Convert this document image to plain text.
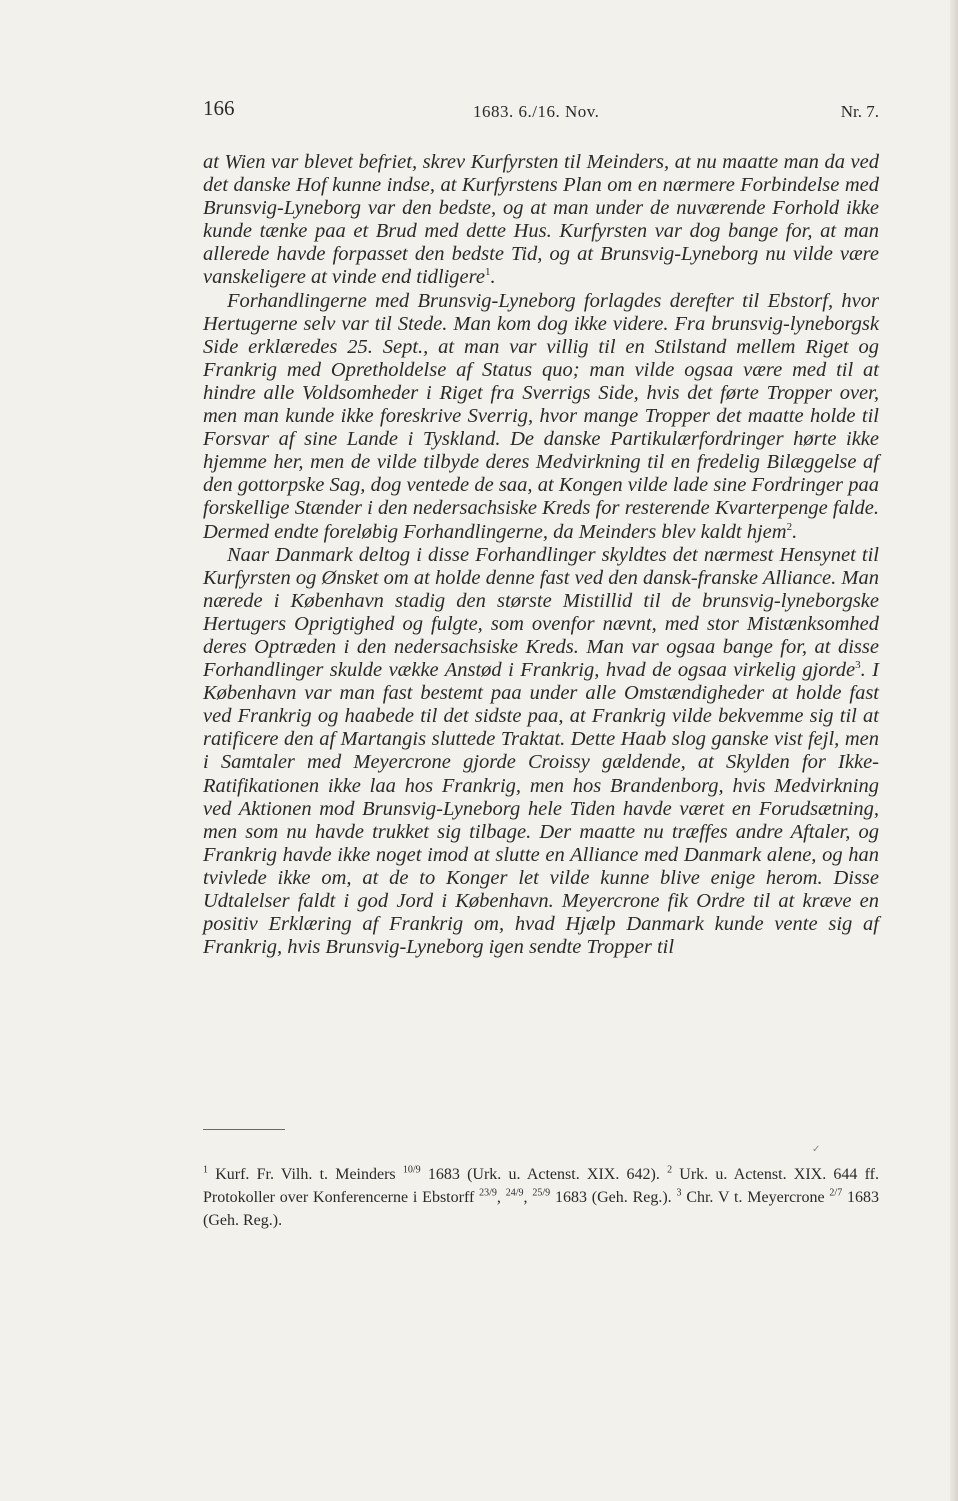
166	1683. 6./16. Nov.	Nr. 7.

at Wien var blevet befriet, skrev Kurfyrsten til Meinders, at nu maatte man da ved det danske Hof kunne indse, at Kurfyrstens Plan om en nærmere Forbindelse med Brunsvig-Lyneborg var den bedste, og at man under de nuværende Forhold ikke kunde tænke paa et Brud med dette Hus. Kurfyrsten var dog bange for, at man allerede havde forpasset den bedste Tid, og at Brunsvig-Lyneborg nu vilde være vanskeligere at vinde end tidligere$^1$.

Forhandlingerne med Brunsvig-Lyneborg forlagdes derefter til Ebstorf, hvor Hertugerne selv var til Stede. Man kom dog ikke videre. Fra brunsvig-lyneborgsk Side erklæredes 25. Sept., at man var villig til en Stilstand mellem Riget og Frankrig med Opretholdelse af Status quo; man vilde ogsaa være med til at hindre alle Voldsomheder i Riget fra Sverrigs Side, hvis det førte Tropper over, men man kunde ikke foreskrive Sverrig, hvor mange Tropper det maatte holde til Forsvar af sine Lande i Tyskland. De danske Partikulærfordringer hørte ikke hjemme her, men de vilde tilbyde deres Medvirkning til en fredelig Bilæggelse af den gottorpske Sag, dog ventede de saa, at Kongen vilde lade sine Fordringer paa forskellige Stænder i den nedersachsiske Kreds for resterende Kvarterpenge falde. Dermed endte foreløbig Forhandlingerne, da Meinders blev kaldt hjem$^2$.

Naar Danmark deltog i disse Forhandlinger skyldtes det nærmest Hensynet til Kurfyrsten og Ønsket om at holde denne fast ved den dansk-franske Alliance. Man nærede i København stadig den største Mistillid til de brunsvig-lyneborgske Hertugers Oprigtighed og fulgte, som ovenfor nævnt, med stor Mistænksomhed deres Optræden i den nedersachsiske Kreds. Man var ogsaa bange for, at disse Forhandlinger skulde vække Anstød i Frankrig, hvad de ogsaa virkelig gjorde$^3$. I København var man fast bestemt paa under alle Omstændigheder at holde fast ved Frankrig og haabede til det sidste paa, at Frankrig vilde bekvemme sig til at ratificere den af Martangis sluttede Traktat. Dette Haab slog ganske vist fejl, men i Samtaler med Meyercrone gjorde Croissy gældende, at Skylden for Ikke-Ratifikationen ikke laa hos Frankrig, men hos Brandenborg, hvis Medvirkning ved Aktionen mod Brunsvig-Lyneborg hele Tiden havde været en Forudsætning, men som nu havde trukket sig tilbage. Der maatte nu træffes andre Aftaler, og Frankrig havde ikke noget imod at slutte en Alliance med Danmark alene, og han tvivlede ikke om, at de to Konger let vilde kunne blive enige herom. Disse Udtalelser faldt i god Jord i København. Meyercrone fik Ordre til at kræve en positiv Erklæring af Frankrig om, hvad Hjælp Danmark kunde vente sig af Frankrig, hvis Brunsvig-Lyneborg igen sendte Tropper til

✓
$^1$ Kurf. Fr. Vilh. t. Meinders $^{10/9}$ 1683 (Urk. u. Actenst. XIX. 642). $^2$ Urk. u. Actenst. XIX. 644 ff. Protokoller over Konferencerne i Ebstorff $^{23/9}$, $^{24/9}$, $^{25/9}$ 1683 (Geh. Reg.). $^3$ Chr. V t. Meyercrone $^{2/7}$ 1683 (Geh. Reg.).
